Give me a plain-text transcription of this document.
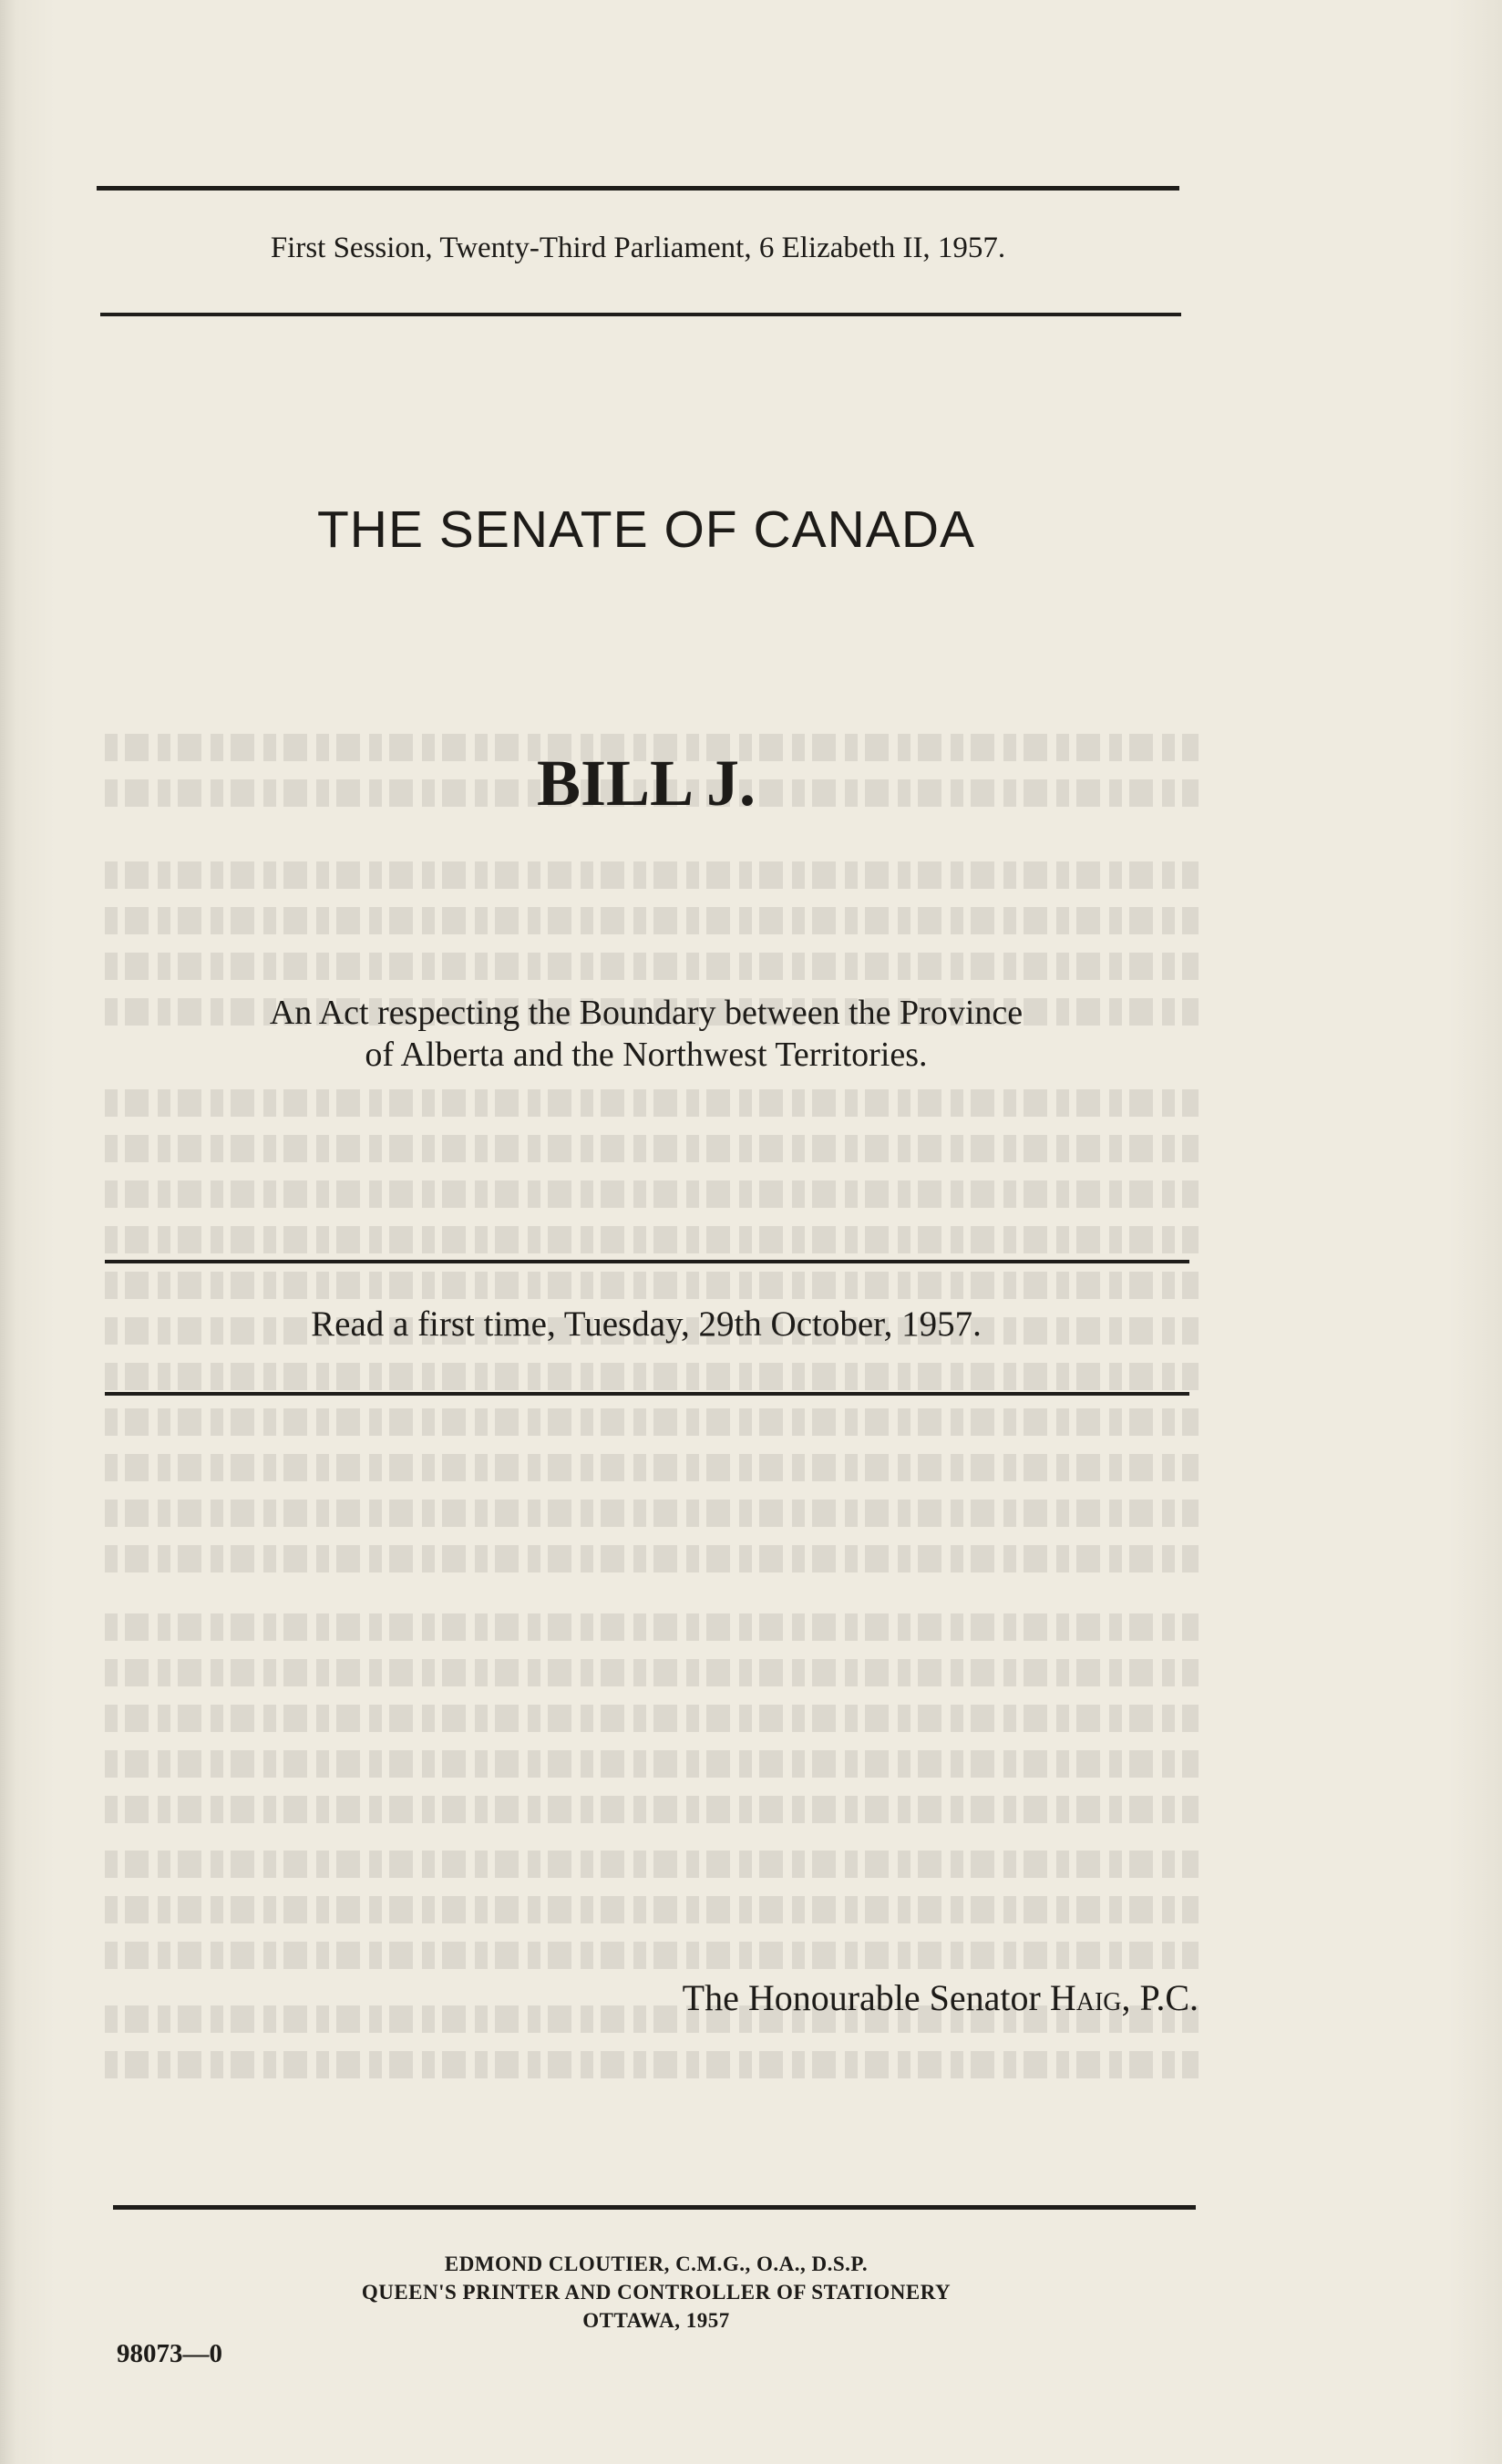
First Session, Twenty-Third Parliament, 6 Elizabeth II, 1957.
THE SENATE OF CANADA
BILL J.
An Act respecting the Boundary between the Province
of Alberta and the Northwest Territories.
Read a first time, Tuesday, 29th October, 1957.
The Honourable Senator Haig, P.C.
EDMOND CLOUTIER, C.M.G., O.A., D.S.P.
QUEEN'S PRINTER AND CONTROLLER OF STATIONERY
OTTAWA, 1957
98073—0
